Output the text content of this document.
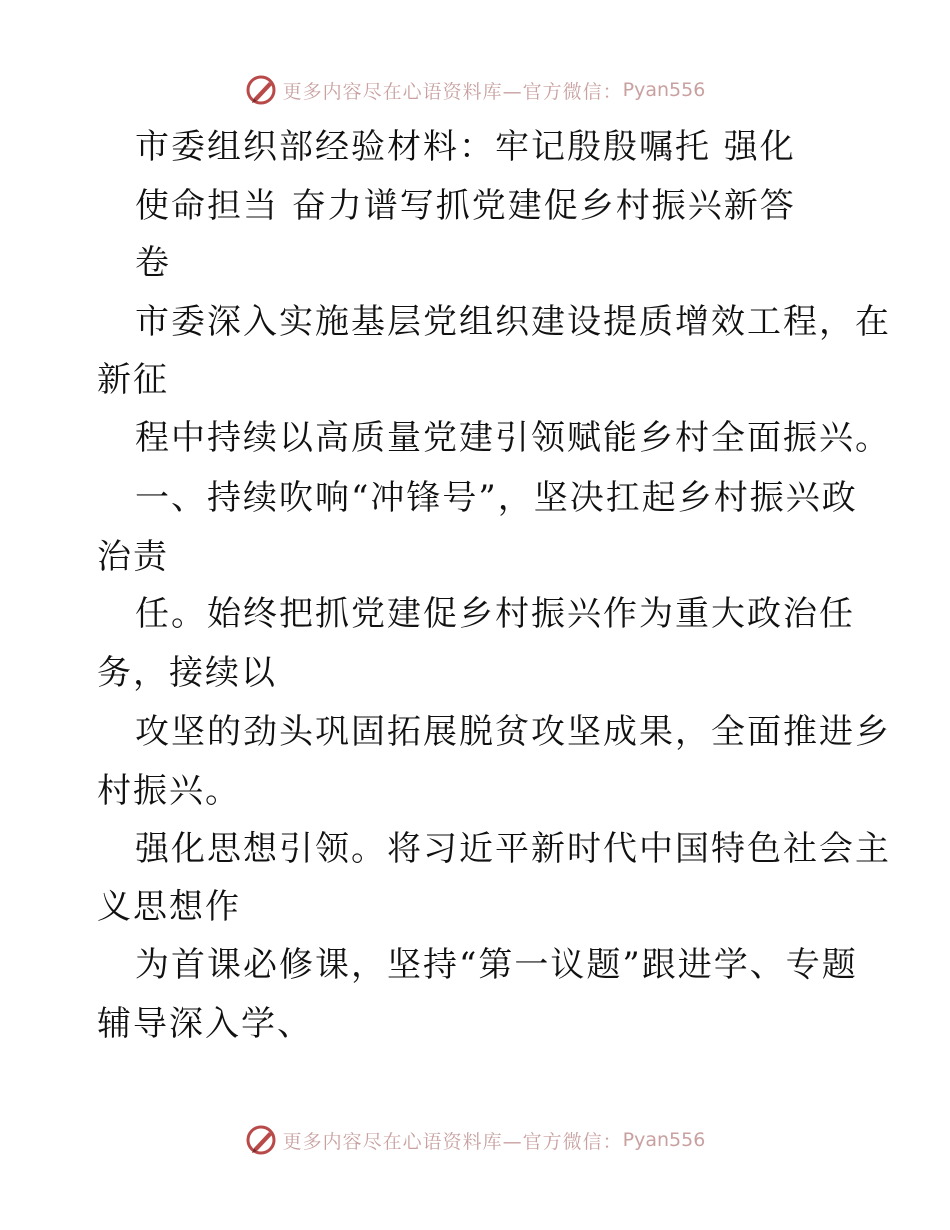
更多内容尽在心语资料库—官方微信： Pyan556
市委组织部经验材料：牢记殷殷嘱托 强化
使命担当 奋力谱写抓党建促乡村振兴新答
卷
市委深入实施基层党组织建设提质增效工程，在
新征
程中持续以高质量党建引领赋能乡村全面振兴。
一、持续吹响“冲锋号”，坚决扛起乡村振兴政
治责
任。始终把抓党建促乡村振兴作为重大政治任
务，接续以
攻坚的劲头巩固拓展脱贫攻坚成果，全面推进乡
村振兴。
强化思想引领。将习近平新时代中国特色社会主
义思想作
为首课必修课，坚持“第一议题”跟进学、专题
辅导深入学、
更多内容尽在心语资料库—官方微信： Pyan556
